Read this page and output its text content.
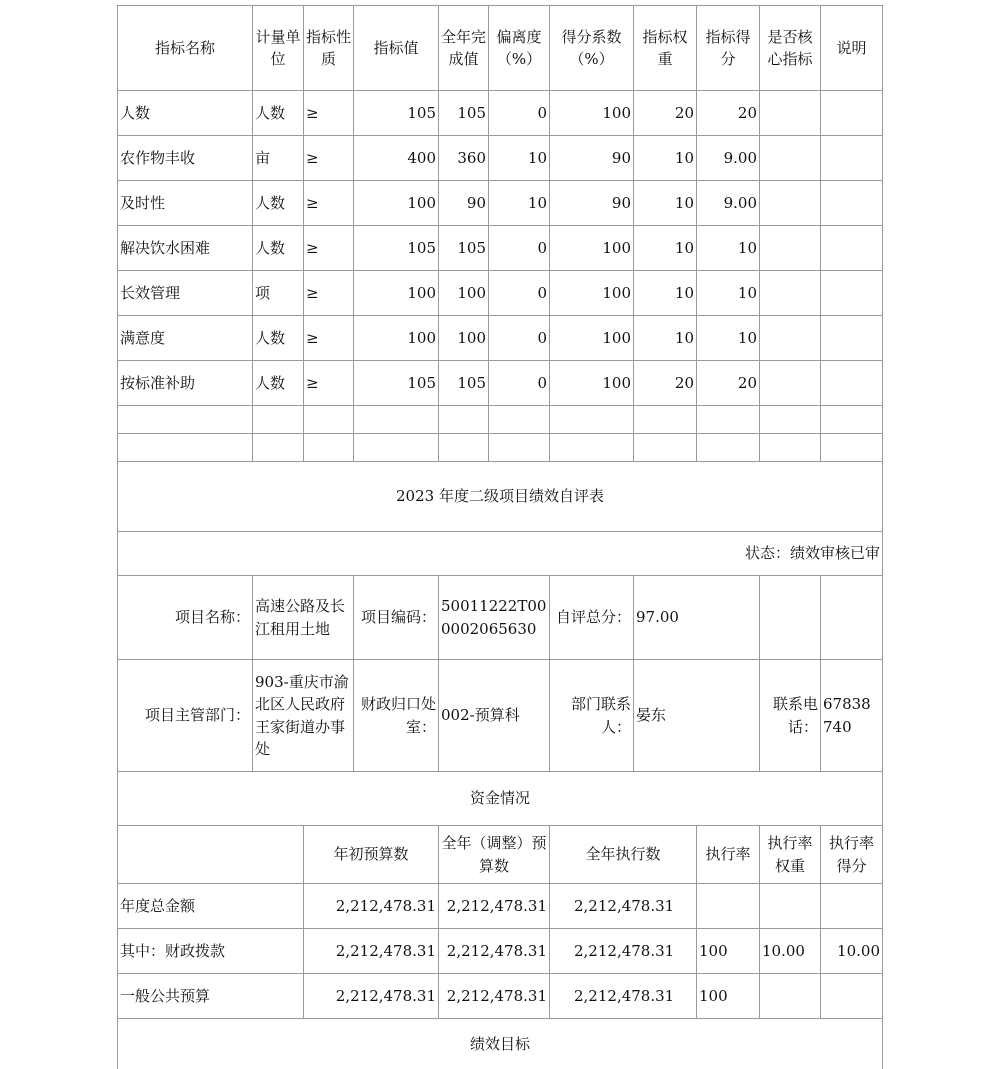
指标名称	计量单位	指标性质	指标值	全年完成值	偏离度（%）	得分系数（%）	指标权重	指标得分	是否核心指标	说明
人数	人数	≥	105	105	0	100	20	20		
农作物丰收	亩	≥	400	360	10	90	10	9.00		
及时性	人数	≥	100	90	10	90	10	9.00		
解决饮水困难	人数	≥	105	105	0	100	10	10		
长效管理	项	≥	100	100	0	100	10	10		
满意度	人数	≥	100	100	0	100	10	10		
按标准补助	人数	≥	105	105	0	100	20	20		

2023 年度二级项目绩效自评表										
状态：绩效审核已审										
项目名称：	高速公路及长江租用土地		项目编码：	50011222T000002065630		自评总分：	97.00			
项目主管部门：	903-重庆市渝北区人民政府王家街道办事处		财政归口处室：	002-预算科		部门联系人：	晏东		联系电话：	67838740
资金情况										
		年初预算数		全年（调整）预算数		全年执行数		执行率	执行率权重	执行率得分
年度总金额		2,212,478.31		2,212,478.31		2,212,478.31				
其中：财政拨款		2,212,478.31		2,212,478.31		2,212,478.31		100	10.00	10.00
一般公共预算		2,212,478.31		2,212,478.31		2,212,478.31		100		
绩效目标										
